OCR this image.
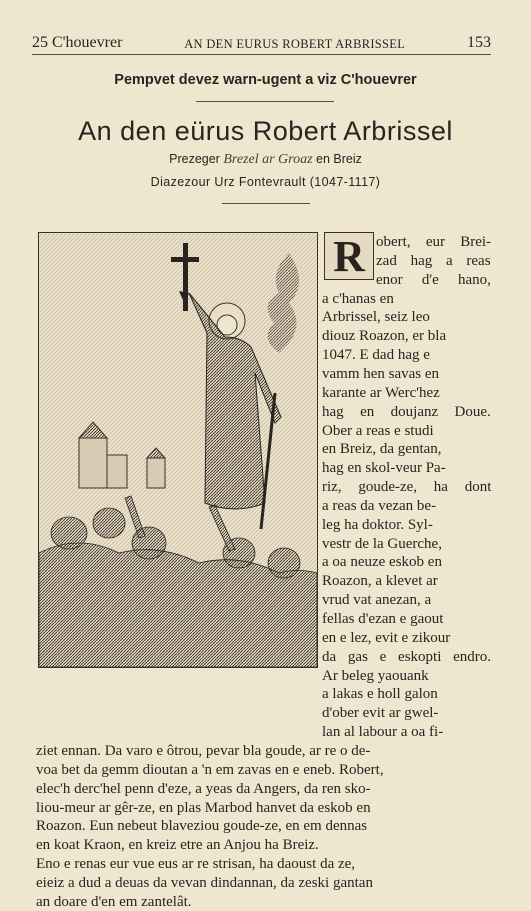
25 C'houevrer	AN DEN EURUS ROBERT ARBRISSEL	153
Pempvet devez warn-ugent a viz C'houevrer
An den eürus Robert Arbrissel
Prezeger Brezel ar Groaz en Breiz
Diazezour Urz Fontevrault (1047-1117)
R obert, eur Brei-
zad hag a reas
enor d'e hano,
a c'hanas en
Arbrissel, seiz leo
diouz Roazon, er bla
1047. E dad hag e
vamm hen savas en
karante ar Werc'hez
hag en doujanz Doue.
Ober a reas e studi
en Breiz, da gentan,
hag en skol-veur Pa-
riz, goude-ze, ha dont
a reas da vezan be-
leg ha doktor. Syl-
vestr de la Guerche,
a oa neuze eskob en
Roazon, a klevet ar
vrud vat anezan, a
fellas d'ezan e gaout
en e lez, evit e zikour
da gas e eskopti endro.
Ar beleg yaouank
a lakas e holl galon
d'ober evit ar gwel-
lan al labour a oa fi-
ziet ennan. Da varo e ôtrou, pevar bla goude, ar re o de-
voa bet da gemm dioutan a 'n em zavas en e eneb. Robert,
elec'h derc'hel penn d'eze, a yeas da Angers, da ren sko-
liou-meur ar gêr-ze, en plas Marbod hanvet da eskob en
Roazon. Eun nebeut blaveziou goude-ze, en em dennas
en koat Kraon, en kreiz etre an Anjou ha Breiz.
Eno e renas eur vue eus ar re strisan, ha daoust da ze,
eieiz a dud a deuas da vevan dindannan, da zeski gantan
an doare d'en em zantelât.
